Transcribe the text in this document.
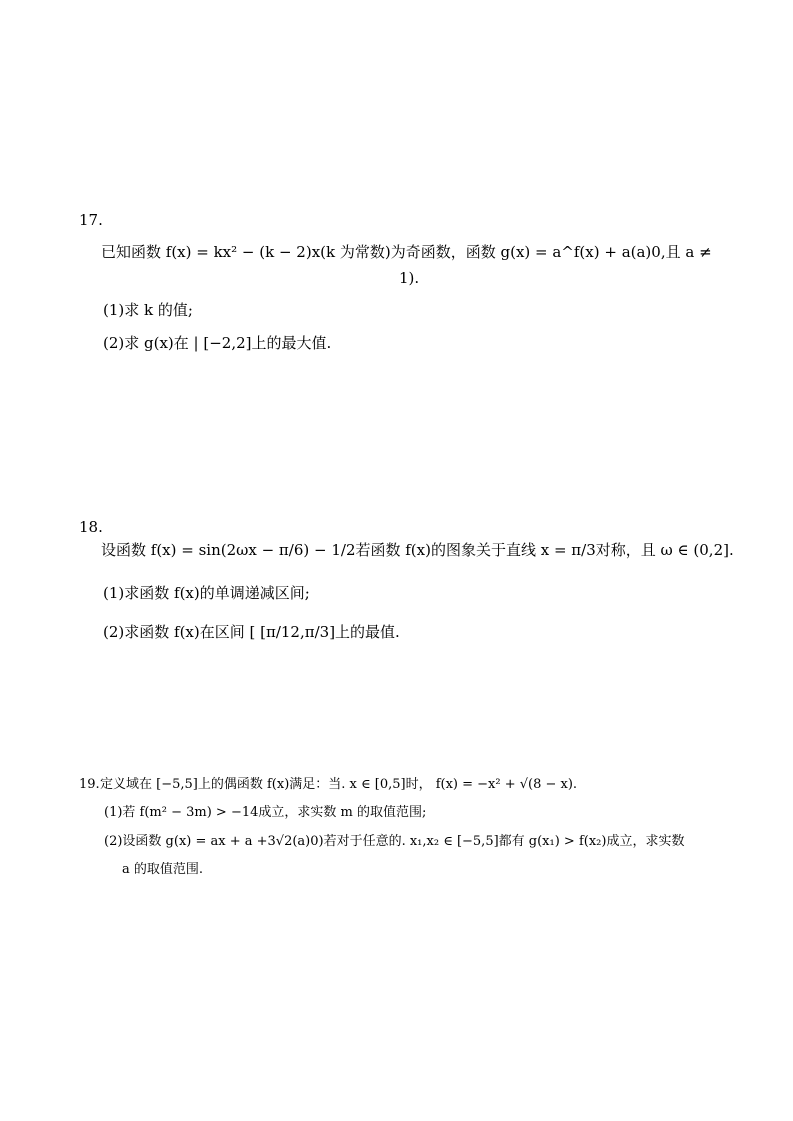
17.
已知函数 f(x) = kx² − (k − 2)x(k 为常数)为奇函数，函数 g(x) = a^f(x) + a(a)0,且 a ≠
1).
(1)求 k 的值;
(2)求 g(x)在 | [−2,2]上的最大值.
18.
设函数 f(x) = sin(2ωx − π/6) − 1/2若函数 f(x)的图象关于直线 x = π/3对称，且 ω ∈ (0,2].
(1)求函数 f(x)的单调递减区间;
(2)求函数 f(x)在区间 [ [π/12,π/3]上的最值.
19. 定义域在 [−5,5]上的偶函数 f(x)满足：当. x ∈ [0,5]时， f(x) = −x² + √(8 − x).
(1)若 f(m² − 3m) > −14成立，求实数 m 的取值范围;
(2)设函数 g(x) = ax + a +3√2(a)0)若对于任意的. x₁,x₂ ∈ [−5,5]都有 g(x₁) > f(x₂)成立，求实数
a 的取值范围.
